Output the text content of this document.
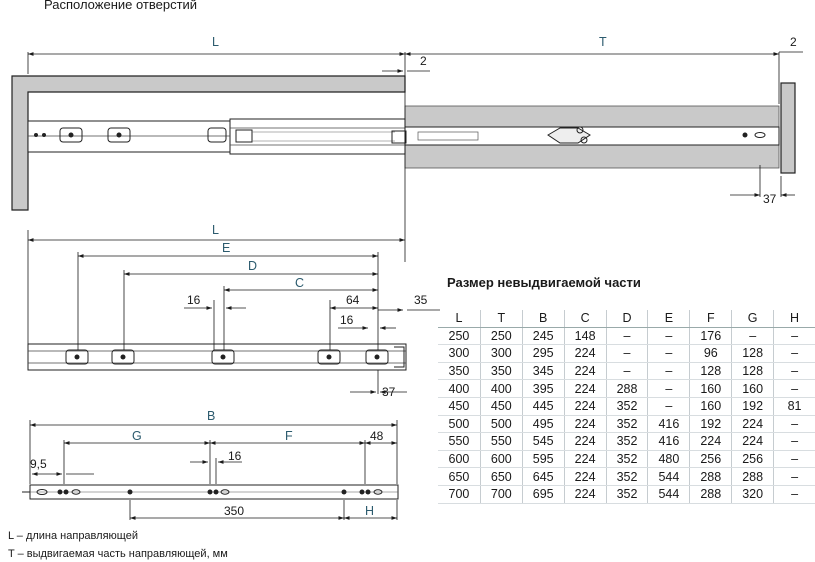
Расположение отверстий
L	T
2
2
37
L
E
D
C
16	64
16
35
37
B
G	F	48
9,5
16
350	H
Размер невыдвигаемой части
L	T	B	C	D	E	F	G	H
250	250	245	148	–	–	176	–	–
300	300	295	224	–	–	96	128	–
350	350	345	224	–	–	128	128	–
400	400	395	224	288	–	160	160	–
450	450	445	224	352	–	160	192	81
500	500	495	224	352	416	192	224	–
550	550	545	224	352	416	224	224	–
600	600	595	224	352	480	256	256	–
650	650	645	224	352	544	288	288	–
700	700	695	224	352	544	288	320	–
L – длина направляющей
T – выдвигаемая часть направляющей, мм
